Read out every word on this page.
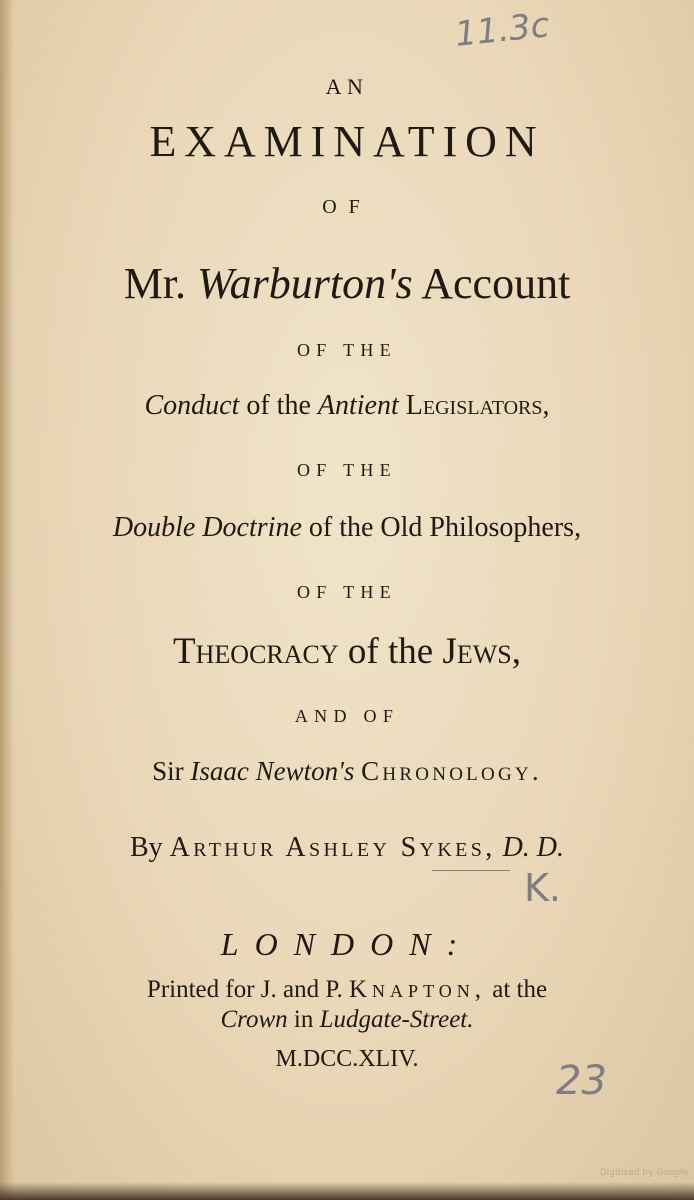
11.3c
AN
EXAMINATION
OF
Mr. Warburton's Account
OF THE
Conduct of the Antient Legislators,
OF THE
Double Doctrine of the Old Philosophers,
OF THE
Theocracy of the Jews,
AND OF
Sir Isaac Newton's Chronology.
By Arthur Ashley Sykes, D. D.
K.
LONDON:
Printed for J. and P. Knapton, at the
Crown in Ludgate-Street.
M.DCC.XLIV.	23
Digitized by Google
